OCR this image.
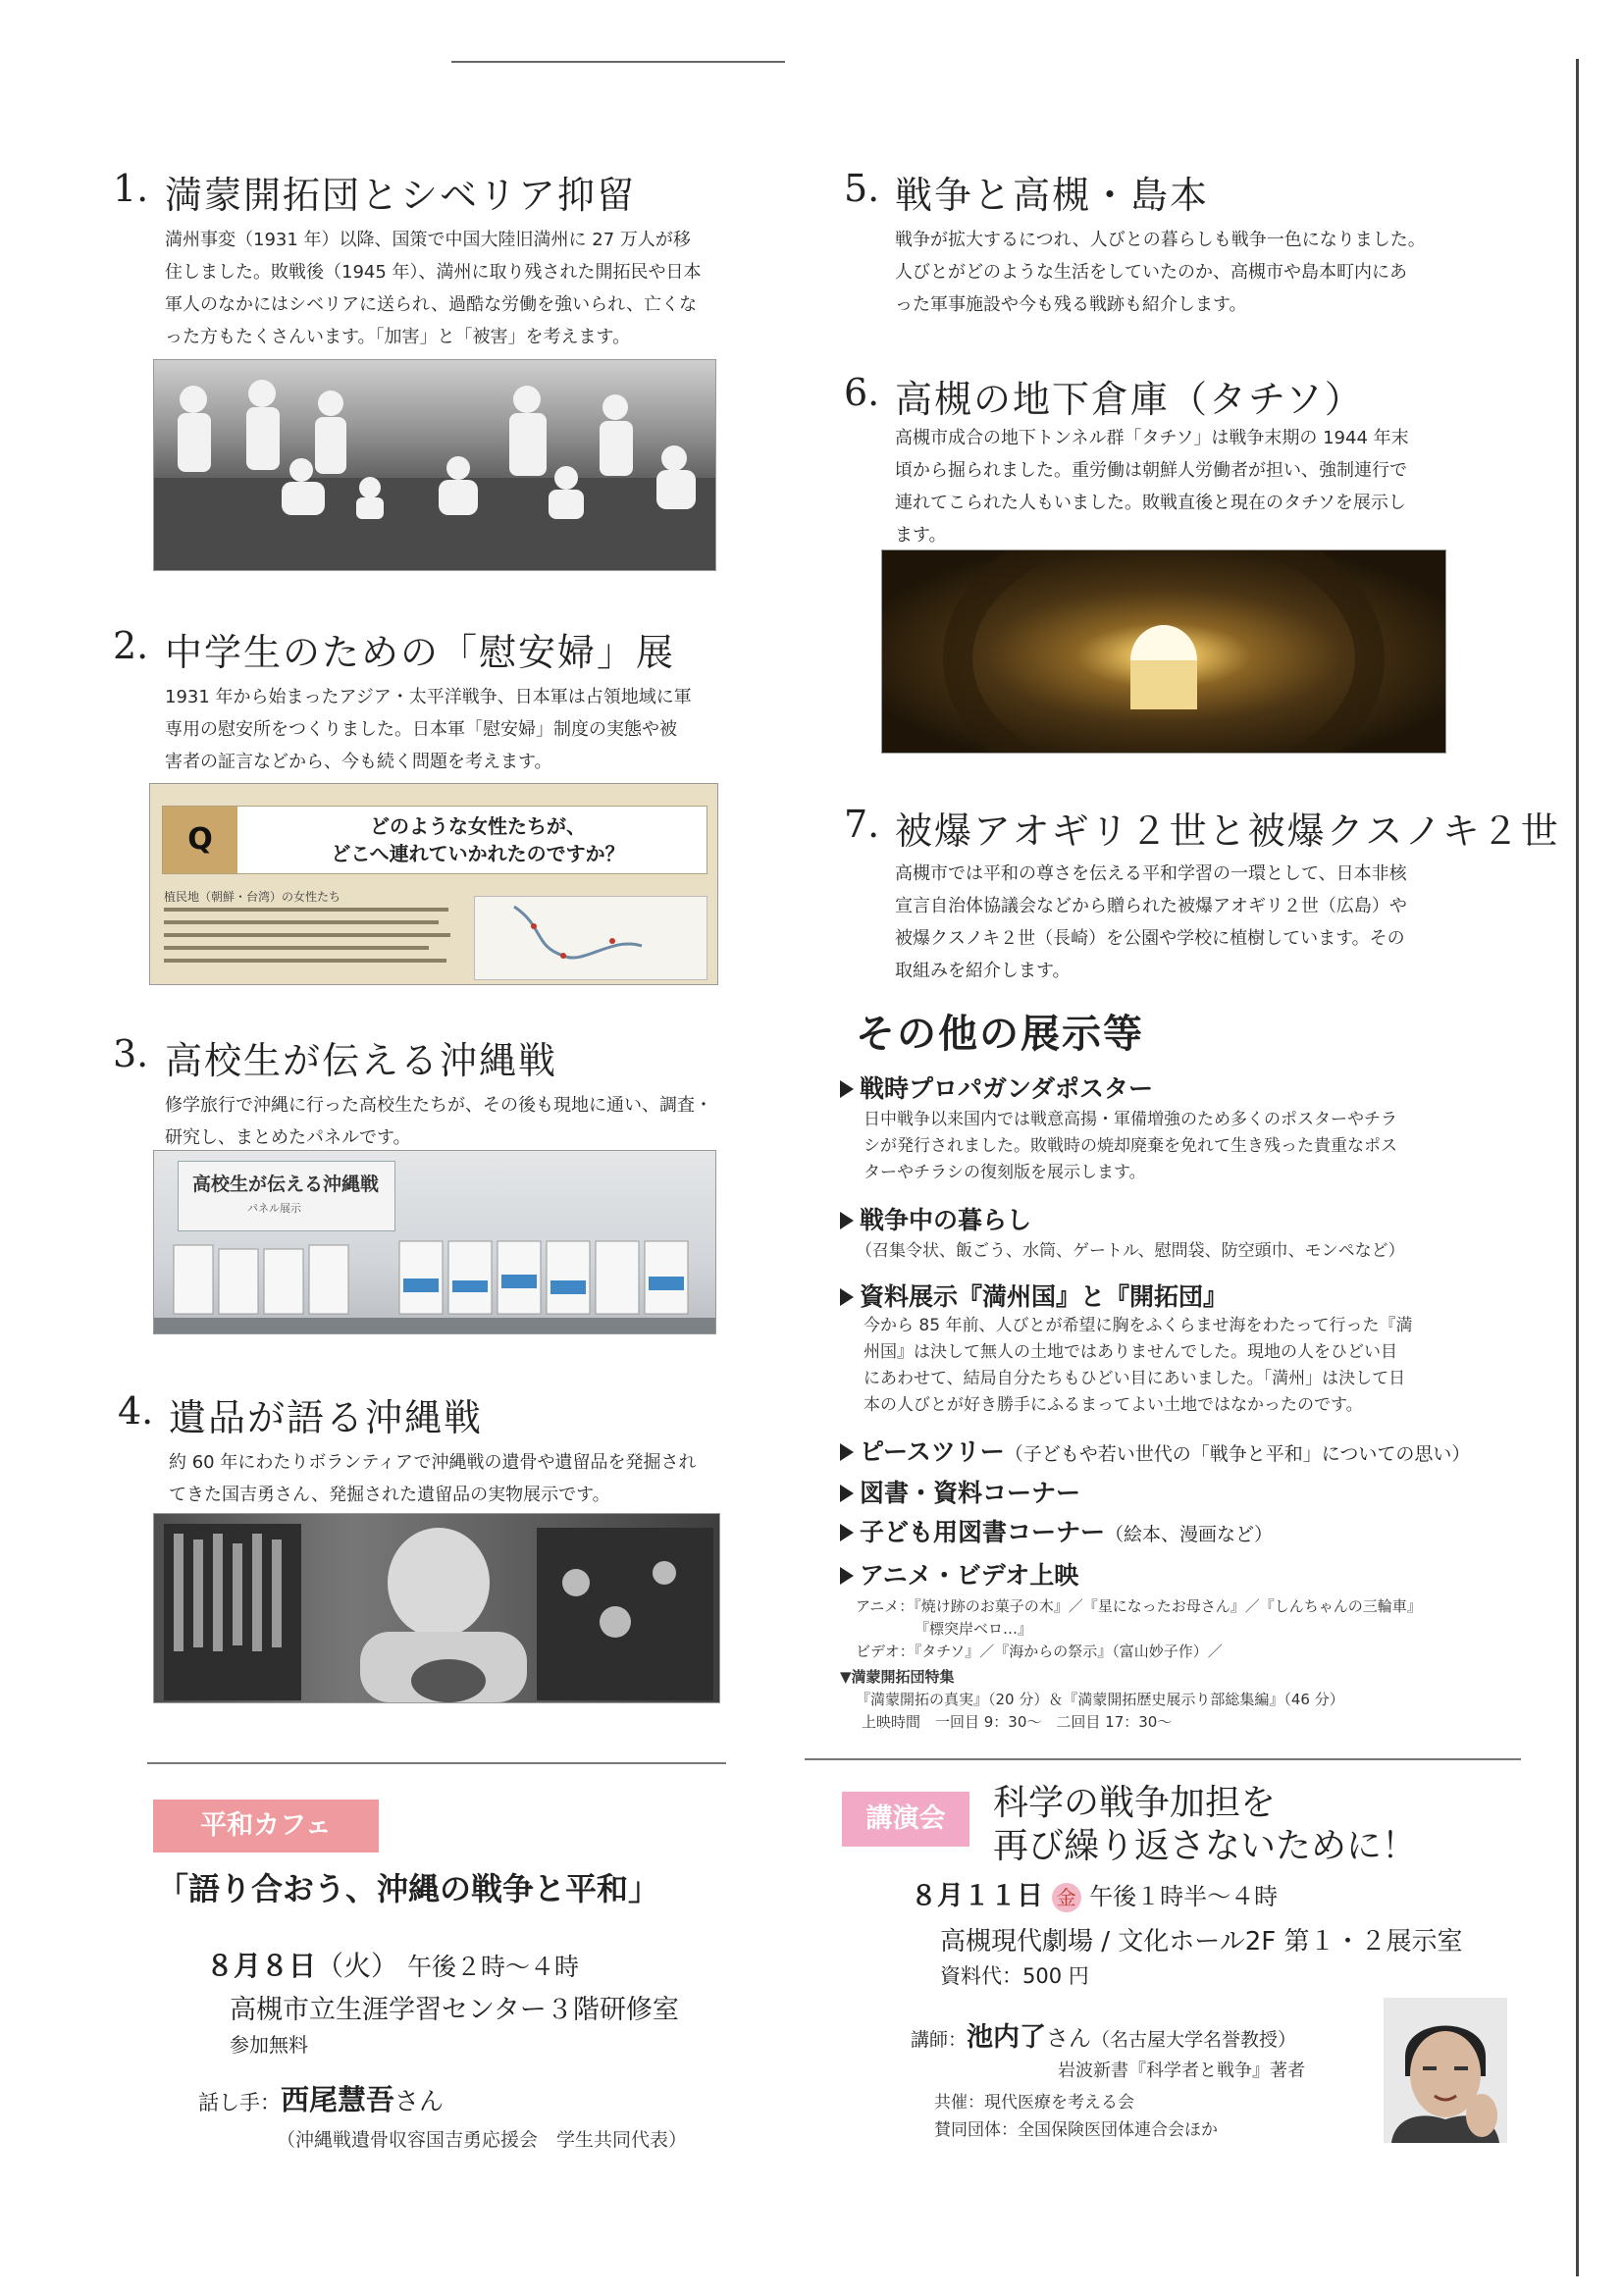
1. 満蒙開拓団とシベリア抑留
満州事変（1931 年）以降、国策で中国大陸旧満州に 27 万人が移
住しました。敗戦後（1945 年）、満州に取り残された開拓民や日本
軍人のなかにはシベリアに送られ、過酷な労働を強いられ、亡くな
った方もたくさんいます。「加害」と「被害」を考えます。
2. 中学生のための「慰安婦」展
1931 年から始まったアジア・太平洋戦争、日本軍は占領地域に軍
専用の慰安所をつくりました。日本軍「慰安婦」制度の実態や被
害者の証言などから、今も続く問題を考えます。
Q	どのような女性たちが、
どこへ連れていかれたのですか？
植民地（朝鮮・台湾）の女性たち
3. 高校生が伝える沖縄戦
修学旅行で沖縄に行った高校生たちが、その後も現地に通い、調査・
研究し、まとめたパネルです。
高校生が伝える沖縄戦
パネル展示
4. 遺品が語る沖縄戦
約 60 年にわたりボランティアで沖縄戦の遺骨や遺留品を発掘され
てきた国吉勇さん、発掘された遺留品の実物展示です。
5. 戦争と高槻・島本
戦争が拡大するにつれ、人びとの暮らしも戦争一色になりました。
人びとがどのような生活をしていたのか、高槻市や島本町内にあ
った軍事施設や今も残る戦跡も紹介します。
6. 高槻の地下倉庫（タチソ）
高槻市成合の地下トンネル群「タチソ」は戦争末期の 1944 年末
頃から掘られました。重労働は朝鮮人労働者が担い、強制連行で
連れてこられた人もいました。敗戦直後と現在のタチソを展示し
ます。
7. 被爆アオギリ２世と被爆クスノキ２世
高槻市では平和の尊さを伝える平和学習の一環として、日本非核
宣言自治体協議会などから贈られた被爆アオギリ２世（広島）や
被爆クスノキ２世（長崎）を公園や学校に植樹しています。その
取組みを紹介します。
その他の展示等
戦時プロパガンダポスター
日中戦争以来国内では戦意高揚・軍備増強のため多くのポスターやチラ
シが発行されました。敗戦時の焼却廃棄を免れて生き残った貴重なポス
ターやチラシの復刻版を展示します。
戦争中の暮らし
（召集令状、飯ごう、水筒、ゲートル、慰問袋、防空頭巾、モンペなど）
資料展示『満州国』と『開拓団』
今から 85 年前、人びとが希望に胸をふくらませ海をわたって行った『満
州国』は決して無人の土地ではありませんでした。現地の人をひどい目
にあわせて、結局自分たちもひどい目にあいました。「満州」は決して日
本の人びとが好き勝手にふるまってよい土地ではなかったのです。
ピースツリー（子どもや若い世代の「戦争と平和」についての思い）
図書・資料コーナー
子ども用図書コーナー（絵本、漫画など）
アニメ・ビデオ上映
アニメ：『焼け跡のお菓子の木』／『星になったお母さん』／『しんちゃんの三輪車』
『標突岸ベロ…』
ビデオ：『タチソ』／『海からの祭示』（富山妙子作）／
▼満蒙開拓団特集
『満蒙開拓の真実』（20 分）＆『満蒙開拓歴史展示り部総集編』（46 分）
上映時間　一回目 9：30～　二回目 17：30～
平和カフェ
「語り合おう、沖縄の戦争と平和」
８月８日（火） 午後２時～４時
高槻市立生涯学習センター３階研修室
参加無料
話し手：西尾慧吾さん
（沖縄戦遺骨収容国吉勇応援会　学生共同代表）
講演会	科学の戦争加担を
再び繰り返さないために！
８月１１日 金 午後１時半～４時
高槻現代劇場 / 文化ホール2F 第１・２展示室
資料代：500 円
講師：池内了さん（名古屋大学名誉教授）
岩波新書『科学者と戦争』著者
共催：現代医療を考える会
賛同団体：全国保険医団体連合会ほか
